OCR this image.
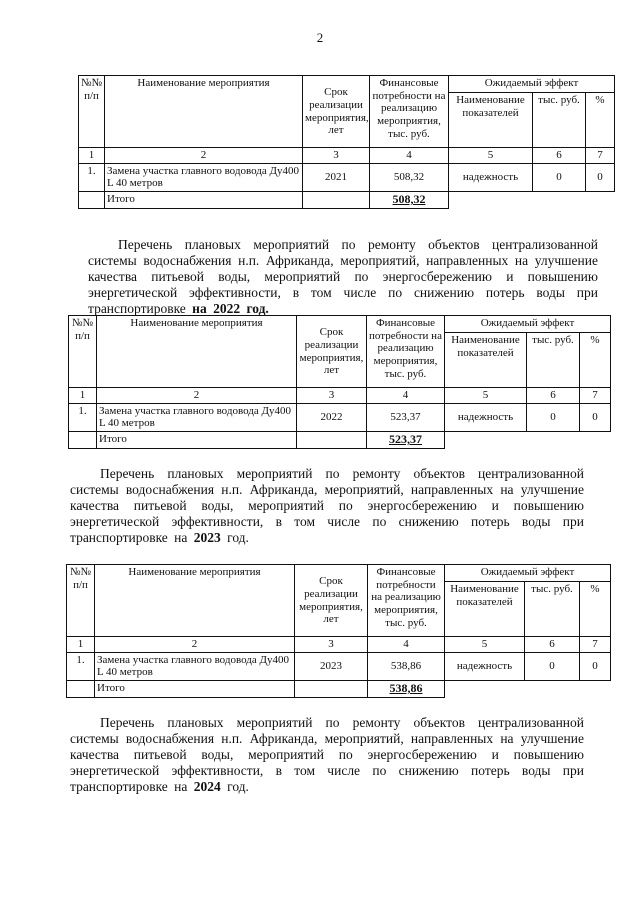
2
№№ п/п	Наименование мероприятия	Срок реализации мероприятия, лет	Финансовые потребности на реализацию мероприятия, тыс. руб.	Ожидаемый эффект		
				Наименование показателей	тыс. руб.	%
1	2	3	4	5	6	7
1.	Замена участка главного водовода Ду400 L 40 метров	2021	508,32	надежность	0	0
	Итого		508,32			

Перечень плановых мероприятий по ремонту объектов централизованной системы водоснабжения н.п. Африканда, мероприятий, направленных на улучшение качества питьевой воды, мероприятий по энергосбережению и повышению энергетической эффективности, в том числе по снижению потерь воды при транспортировке на 2022 год.

№№ п/п	Наименование мероприятия	Срок реализации мероприятия, лет	Финансовые потребности на реализацию мероприятия, тыс. руб.	Ожидаемый эффект		
				Наименование показателей	тыс. руб.	%
1	2	3	4	5	6	7
1.	Замена участка главного водовода Ду400 L 40 метров	2022	523,37	надежность	0	0
	Итого		523,37			

Перечень плановых мероприятий по ремонту объектов централизованной системы водоснабжения н.п. Африканда, мероприятий, направленных на улучшение качества питьевой воды, мероприятий по энергосбережению и повышению энергетической эффективности, в том числе по снижению потерь воды при транспортировке на 2023 год.

№№ п/п	Наименование мероприятия	Срок реализации мероприятия, лет	Финансовые потребности на реализацию мероприятия, тыс. руб.	Ожидаемый эффект		
				Наименование показателей	тыс. руб.	%
1	2	3	4	5	6	7
1.	Замена участка главного водовода Ду400 L 40 метров	2023	538,86	надежность	0	0
	Итого		538,86			

Перечень плановых мероприятий по ремонту объектов централизованной системы водоснабжения н.п. Африканда, мероприятий, направленных на улучшение качества питьевой воды, мероприятий по энергосбережению и повышению энергетической эффективности, в том числе по снижению потерь воды при транспортировке на 2024 год.
